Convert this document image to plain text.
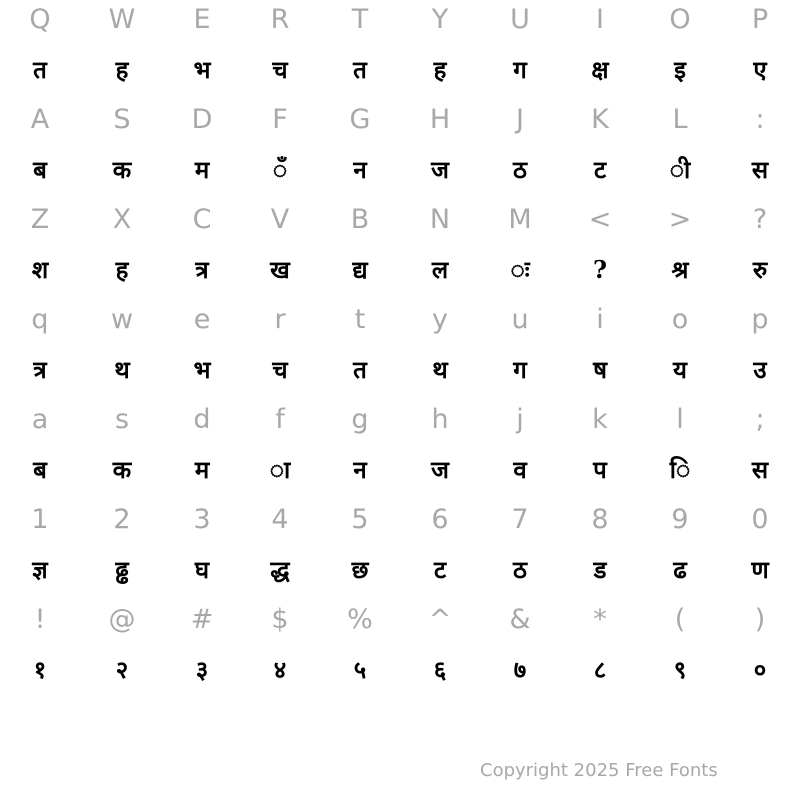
Q	W	E	R	T	Y	U	I	O	P
त	ह	भ	च	त	ह	ग	क्ष	इ	ए
A	S	D	F	G	H	J	K	L	:
ब	क	म	ँ	न	ज	ठ	ट	ी	स
Z	X	C	V	B	N	M	<	>	?
श	ह	त्र	ख	द्य	ल	ः	?	श्र	रु
q	w	e	r	t	y	u	i	o	p
त्र	थ	भ	च	त	थ	ग	ष	य	उ
a	s	d	f	g	h	j	k	l	;
ब	क	म	ा	न	ज	व	प	ि	स
1	2	3	4	5	6	7	8	9	0
ज्ञ	ढ्ढ	घ	द्ध	छ	ट	ठ	ड	ढ	ण
!	@	#	$	%	^	&	*	(	)
१	२	३	४	५	६	७	८	९	०
Copyright 2025 Free Fonts
